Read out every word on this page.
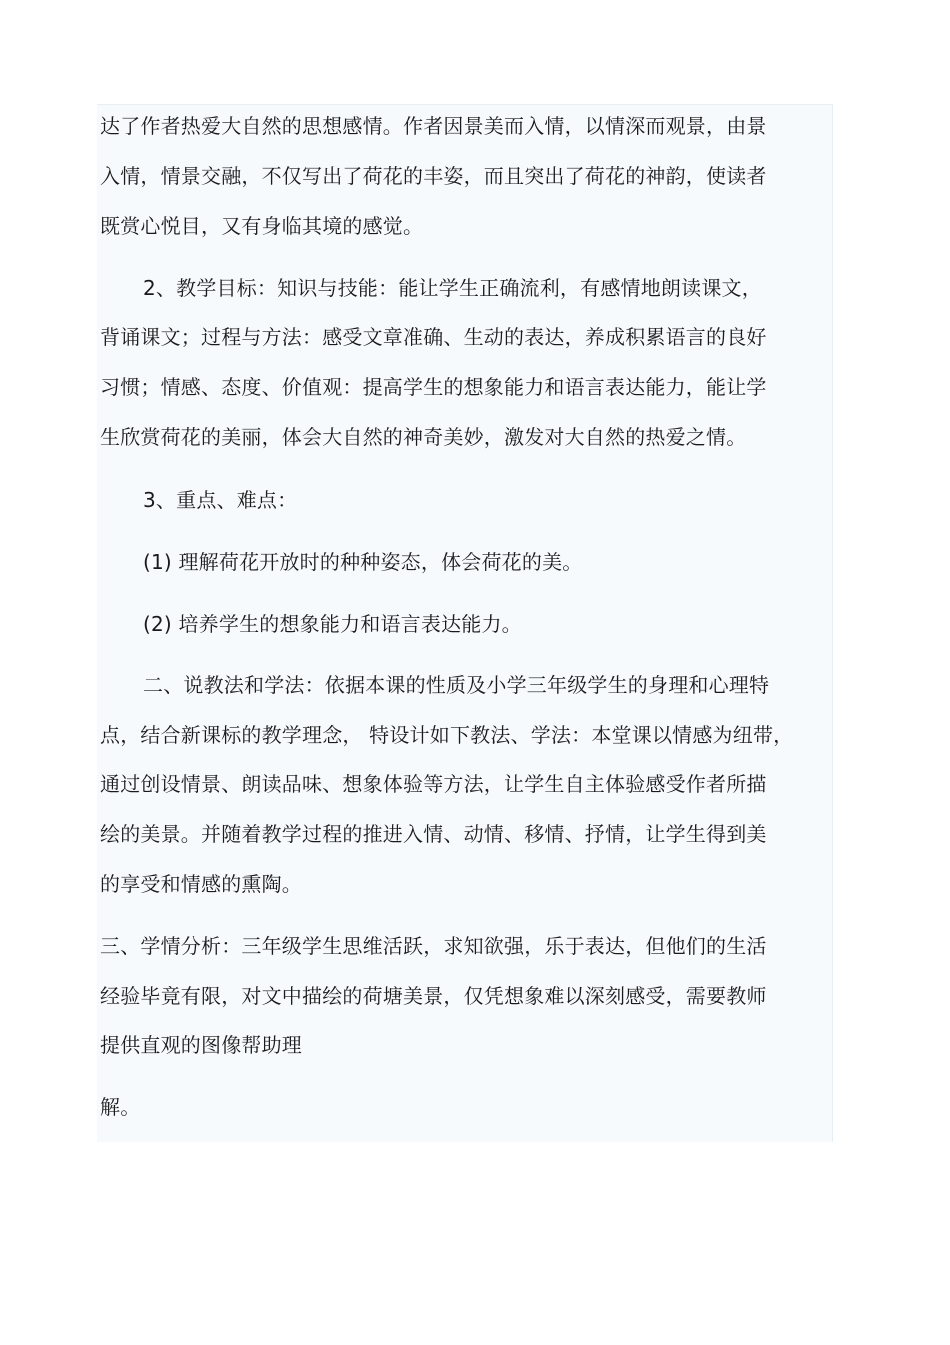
达了作者热爱大自然的思想感情。作者因景美而入情，以情深而观景，由景
入情，情景交融，不仅写出了荷花的丰姿，而且突出了荷花的神韵，使读者
既赏心悦目，又有身临其境的感觉。
2、教学目标：知识与技能：能让学生正确流利，有感情地朗读课文，
背诵课文；过程与方法：感受文章准确、生动的表达，养成积累语言的良好
习惯；情感、态度、价值观：提高学生的想象能力和语言表达能力，能让学
生欣赏荷花的美丽，体会大自然的神奇美妙，激发对大自然的热爱之情。
3、重点、难点：
(1) 理解荷花开放时的种种姿态，体会荷花的美。
(2) 培养学生的想象能力和语言表达能力。
二、说教法和学法：依据本课的性质及小学三年级学生的身理和心理特
点，结合新课标的教学理念， 特设计如下教法、学法：本堂课以情感为纽带，
通过创设情景、朗读品味、想象体验等方法，让学生自主体验感受作者所描
绘的美景。并随着教学过程的推进入情、动情、移情、抒情，让学生得到美
的享受和情感的熏陶。
三、学情分析：三年级学生思维活跃，求知欲强，乐于表达，但他们的生活
经验毕竟有限，对文中描绘的荷塘美景，仅凭想象难以深刻感受，需要教师
提供直观的图像帮助理
解。
